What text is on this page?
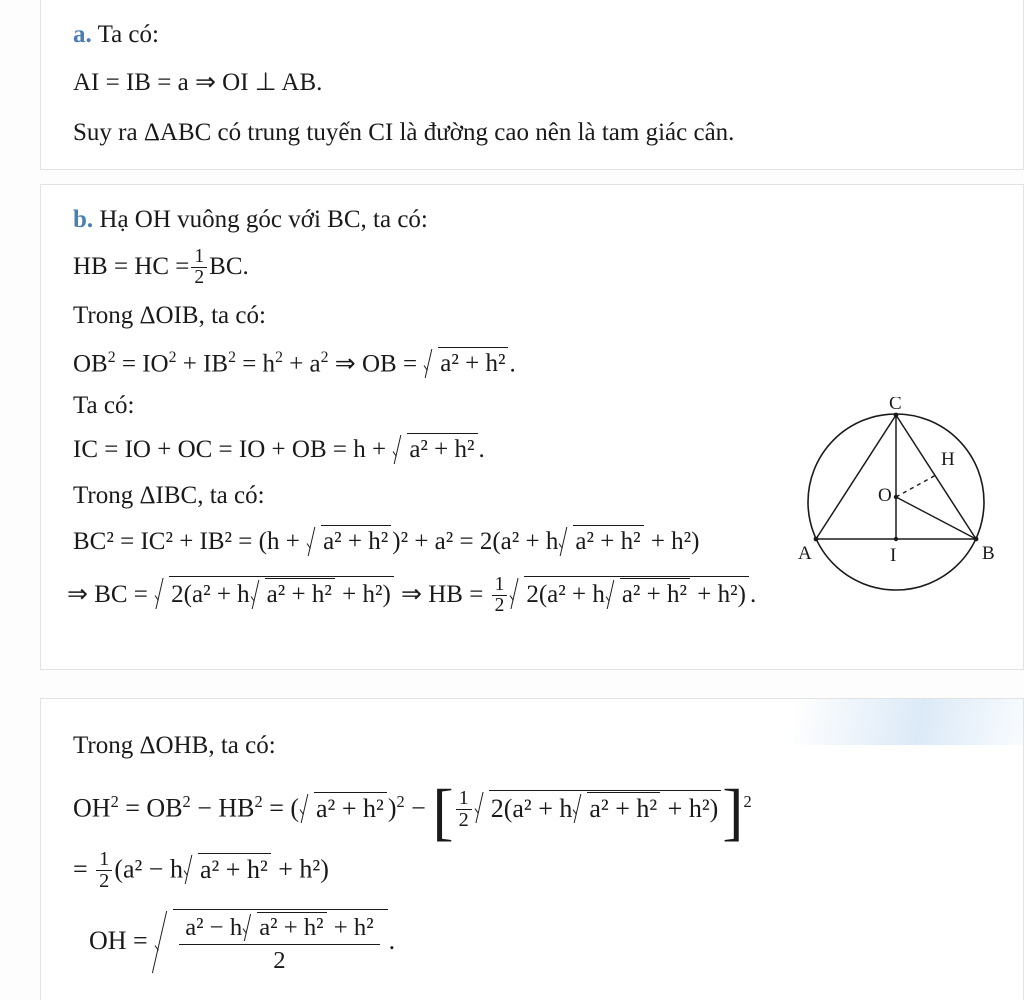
a. Ta có:
AI = IB = a ⇒ OI ⊥ AB.
Suy ra ΔABC có trung tuyến CI là đường cao nên là tam giác cân.
b. Hạ OH vuông góc với BC, ta có:
HB = HC = $\frac{1}{2}$ BC.
Trong ΔOIB, ta có:
$OB^2 = IO^2 + IB^2 = h^2 + a^2$ ⇒ OB = a² + h² .
Ta có:
IC = IO + OC = IO + OB = h + a² + h² .
Trong ΔIBC, ta có:
BC² = IC² + IB² = (h + a² + h² )² + a² = 2(a² + h a² + h² + h²)
⇒ BC = 2(a² + h a² + h² + h²) ⇒ HB = $\frac{1}{2} 2(a^2 + h$ a² + h² + h²) .
C
H
O
A	I	B
Trong ΔOHB, ta có:
$OH^2 = OB^2 - HB^2$ = ( a² + h² )$^2$ − [ $\frac{1}{2} 2(a^2 + h$ a² + h² + h²)]$^2$
= $\frac{1}{2} (a^2 - h$ a² + h² + h²)
OH = $\frac{\text{a² − h a² + h² + h²}}{2}$ .
